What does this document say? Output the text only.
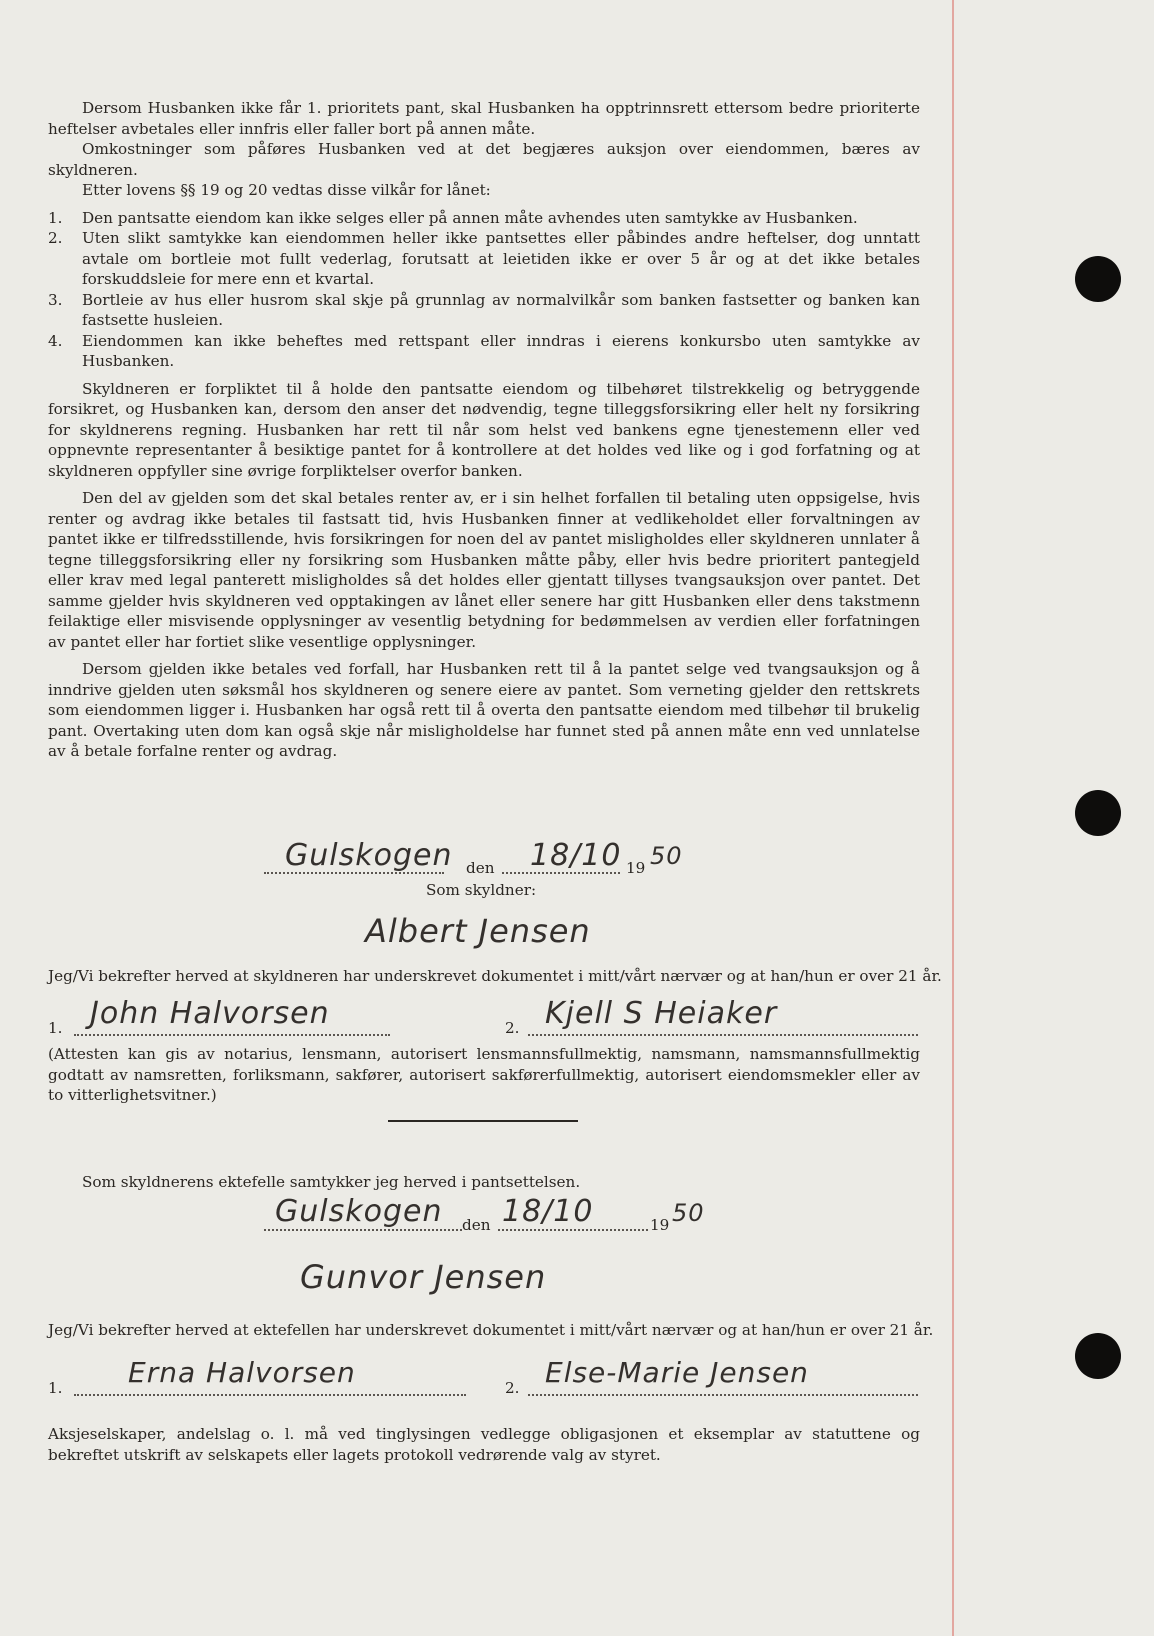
Dersom Husbanken ikke får 1. prioritets pant, skal Husbanken ha opptrinnsrett ettersom bedre prioriterte heftelser avbetales eller innfris eller faller bort på annen måte.

Omkostninger som påføres Husbanken ved at det begjæres auksjon over eiendommen, bæres av skyldneren.

Etter lovens §§ 19 og 20 vedtas disse vilkår for lånet:

1.	Den pantsatte eiendom kan ikke selges eller på annen måte avhendes uten samtykke av Husbanken.
2.	Uten slikt samtykke kan eiendommen heller ikke pantsettes eller påbindes andre heftelser, dog unntatt avtale om bortleie mot fullt vederlag, forutsatt at leietiden ikke er over 5 år og at det ikke betales forskuddsleie for mere enn et kvartal.
3.	Bortleie av hus eller husrom skal skje på grunnlag av normalvilkår som banken fastsetter og banken kan fastsette husleien.
4.	Eiendommen kan ikke beheftes med rettspant eller inndras i eierens konkursbo uten samtykke av Husbanken.

Skyldneren er forpliktet til å holde den pantsatte eiendom og tilbehøret tilstrekkelig og betryggende forsikret, og Husbanken kan, dersom den anser det nødvendig, tegne tilleggsforsikring eller helt ny forsikring for skyldnerens regning. Husbanken har rett til når som helst ved bankens egne tjenestemenn eller ved oppnevnte representanter å besiktige pantet for å kontrollere at det holdes ved like og i god forfatning og at skyldneren oppfyller sine øvrige forpliktelser overfor banken.

Den del av gjelden som det skal betales renter av, er i sin helhet forfallen til betaling uten oppsigelse, hvis renter og avdrag ikke betales til fastsatt tid, hvis Husbanken finner at vedlikeholdet eller forvaltningen av pantet ikke er tilfredsstillende, hvis forsikringen for noen del av pantet misligholdes eller skyldneren unnlater å tegne tilleggsforsikring eller ny forsikring som Husbanken måtte påby, eller hvis bedre prioritert pantegjeld eller krav med legal panterett misligholdes så det holdes eller gjentatt tillyses tvangsauksjon over pantet. Det samme gjelder hvis skyldneren ved opptakingen av lånet eller senere har gitt Husbanken eller dens takstmenn feilaktige eller misvisende opplysninger av vesentlig betydning for bedømmelsen av verdien eller forfatningen av pantet eller har fortiet slike vesentlige opplysninger.

Dersom gjelden ikke betales ved forfall, har Husbanken rett til å la pantet selge ved tvangsauksjon og å inndrive gjelden uten søksmål hos skyldneren og senere eiere av pantet. Som verneting gjelder den rettskrets som eiendommen ligger i. Husbanken har også rett til å overta den pantsatte eiendom med tilbehør til brukelig pant. Overtaking uten dom kan også skje når misligholdelse har funnet sted på annen måte enn ved unnlatelse av å betale forfalne renter og avdrag.

Gulskogen den 18/10 19 50
Som skyldner:
Albert Jensen
Jeg/Vi bekrefter herved at skyldneren har underskrevet dokumentet i mitt/vårt nærvær og at han/hun er over 21 år.
1. John Halvorsen	2. Kjell S Heiaker

(Attesten kan gis av notarius, lensmann, autorisert lensmannsfullmektig, namsmann, namsmannsfullmektig godtatt av namsretten, forliksmann, sakfører, autorisert sakførerfullmektig, autorisert eiendomsmekler eller av to vitterlighetsvitner.)

Som skyldnerens ektefelle samtykker jeg herved i pantsettelsen.
Gulskogen den 18/10	19 50
Gunvor Jensen
Jeg/Vi bekrefter herved at ektefellen har underskrevet dokumentet i mitt/vårt nærvær og at han/hun er over 21 år.
1. Erna Halvorsen	2. Else-Marie Jensen

Aksjeselskaper, andelslag o. l. må ved tinglysingen vedlegge obligasjonen et eksemplar av statuttene og bekreftet utskrift av selskapets eller lagets protokoll vedrørende valg av styret.
